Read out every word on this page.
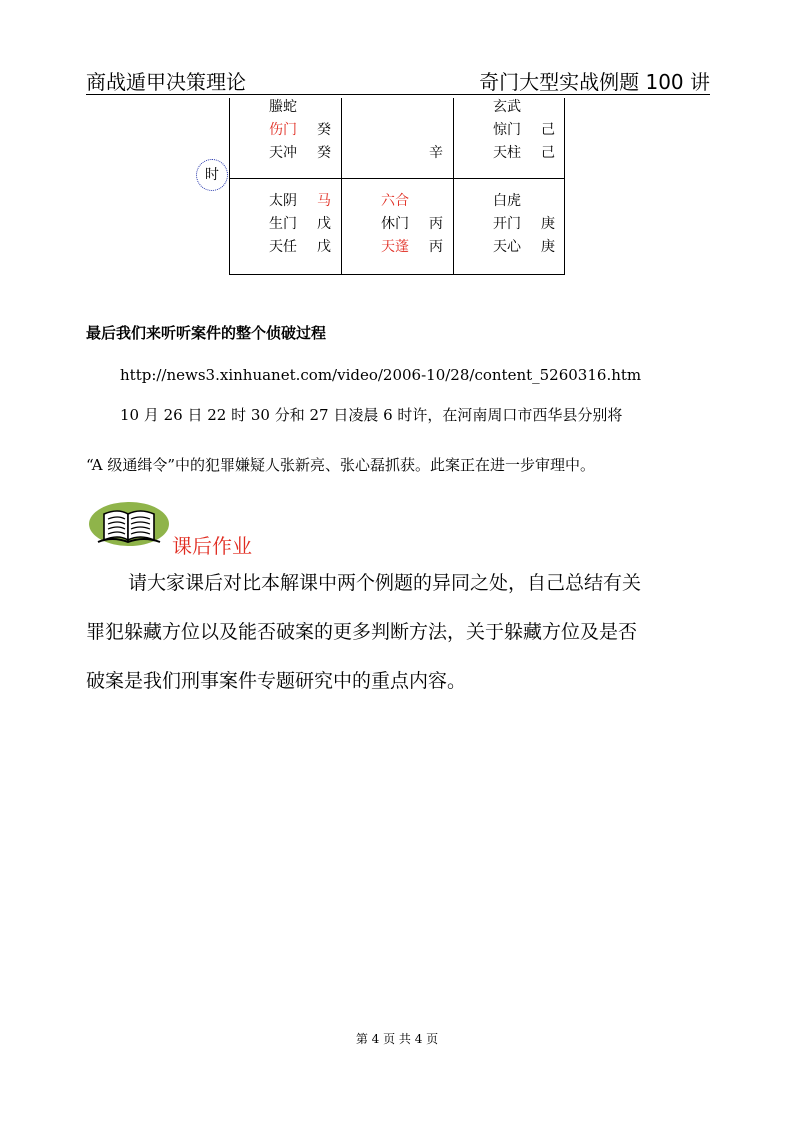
商战遁甲决策理论	奇门大型实战例题 100 讲
螣蛇
伤门 癸
天冲 癸	辛
玄武
惊门 己
天柱 己
太阴 马
生门 戊
天任 戊
六合
休门 丙
天蓬 丙
白虎
开门 庚
天心 庚
时
最后我们来听听案件的整个侦破过程
http://news3.xinhuanet.com/video/2006-10/28/content_5260316.htm
10 月 26 日 22 时 30 分和 27 日凌晨 6 时许，在河南周口市西华县分别将
“A 级通缉令”中的犯罪嫌疑人张新亮、张心磊抓获。此案正在进一步审理中。
课后作业
请大家课后对比本解课中两个例题的异同之处，自己总结有关
罪犯躲藏方位以及能否破案的更多判断方法，关于躲藏方位及是否
破案是我们刑事案件专题研究中的重点内容。
第 4 页 共 4 页
